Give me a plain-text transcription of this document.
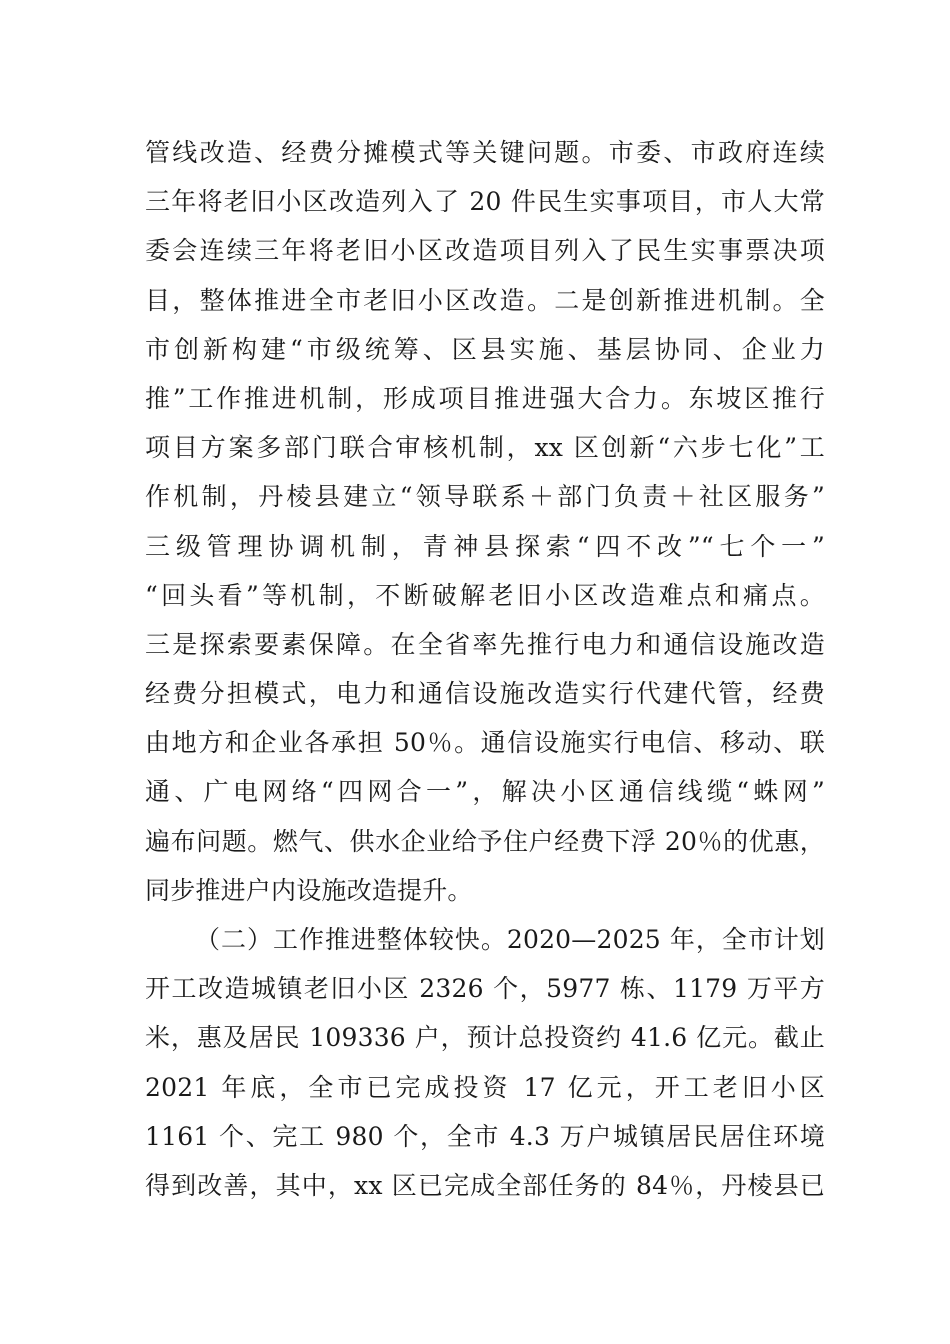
管线改造、经费分摊模式等关键问题。市委、市政府连续
三年将老旧小区改造列入了 20 件民生实事项目，市人大常
委会连续三年将老旧小区改造项目列入了民生实事票决项
目，整体推进全市老旧小区改造。二是创新推进机制。全
市创新构建“市级统筹、区县实施、基层协同、企业力
推”工作推进机制，形成项目推进强大合力。东坡区推行
项目方案多部门联合审核机制，xx 区创新“六步七化”工
作机制，丹棱县建立“领导联系＋部门负责＋社区服务”
三级管理协调机制，青神县探索“四不改”“七个一”
“回头看”等机制，不断破解老旧小区改造难点和痛点。
三是探索要素保障。在全省率先推行电力和通信设施改造
经费分担模式，电力和通信设施改造实行代建代管，经费
由地方和企业各承担 50％。通信设施实行电信、移动、联
通、广电网络“四网合一”，解决小区通信线缆“蛛网”
遍布问题。燃气、供水企业给予住户经费下浮 20％的优惠，
同步推进户内设施改造提升。
（二）工作推进整体较快。2020—2025 年，全市计划
开工改造城镇老旧小区 2326 个，5977 栋、1179 万平方
米，惠及居民 109336 户，预计总投资约 41.6 亿元。截止
2021 年底，全市已完成投资 17 亿元，开工老旧小区
1161 个、完工 980 个，全市 4.3 万户城镇居民居住环境
得到改善，其中，xx 区已完成全部任务的 84％，丹棱县已
